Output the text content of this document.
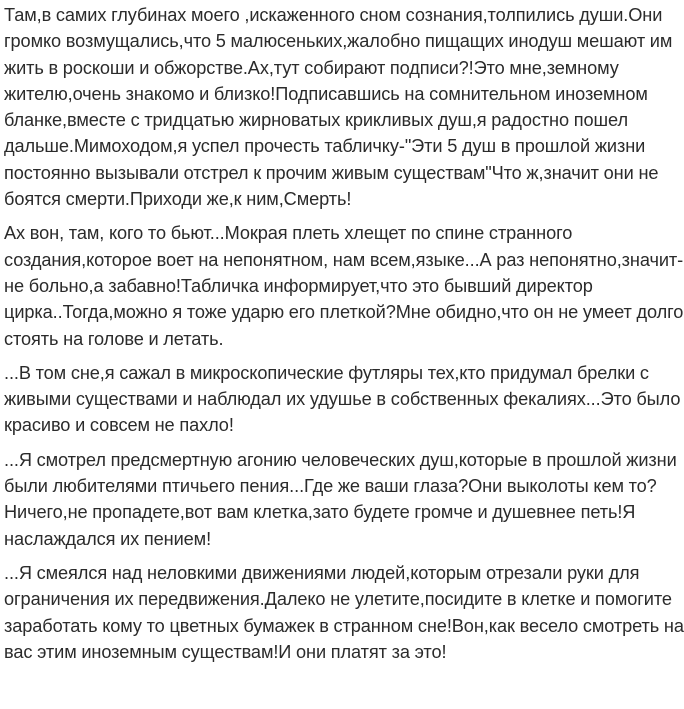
Там,в самих глубинах моего ,искаженного сном сознания,толпились души.Они громко возмущались,что 5 малюсеньких,жалобно пищащих инодуш мешают им жить в роскоши и обжорстве.Ах,тут собирают подписи?!Это мне,земному жителю,очень знакомо и близко!Подписавшись на сомнительном иноземном бланке,вместе с тридцатью жирноватых крикливых душ,я радостно пошел дальше.Мимоходом,я успел прочесть табличку-"Эти 5 душ в прошлой жизни постоянно вызывали отстрел к прочим живым существам"Что ж,значит они не боятся смерти.Приходи же,к ним,Смерть!

Ах вон, там, кого то бьют...Мокрая плеть хлещет по спине странного создания,которое воет на непонятном, нам всем,языке...А раз непонятно,значит-не больно,а забавно!Табличка информирует,что это бывший директор цирка..Тогда,можно я тоже ударю его плеткой?Мне обидно,что он не умеет долго стоять на голове и летать.

...В том сне,я сажал в микроскопические футляры тех,кто придумал брелки с живыми существами и наблюдал их удушье в собственных фекалиях...Это было красиво и совсем не пахло!

...Я смотрел предсмертную агонию человеческих душ,которые в прошлой жизни были любителями птичьего пения...Где же ваши глаза?Они выколоты кем то?Ничего,не пропадете,вот вам клетка,зато будете громче и душевнее петь!Я наслаждался их пением!

...Я смеялся над неловкими движениями людей,которым отрезали руки для ограничения их передвижения.Далеко не улетите,посидите в клетке и помогите заработать кому то цветных бумажек в странном сне!Вон,как весело смотреть на вас этим иноземным существам!И они платят за это!
